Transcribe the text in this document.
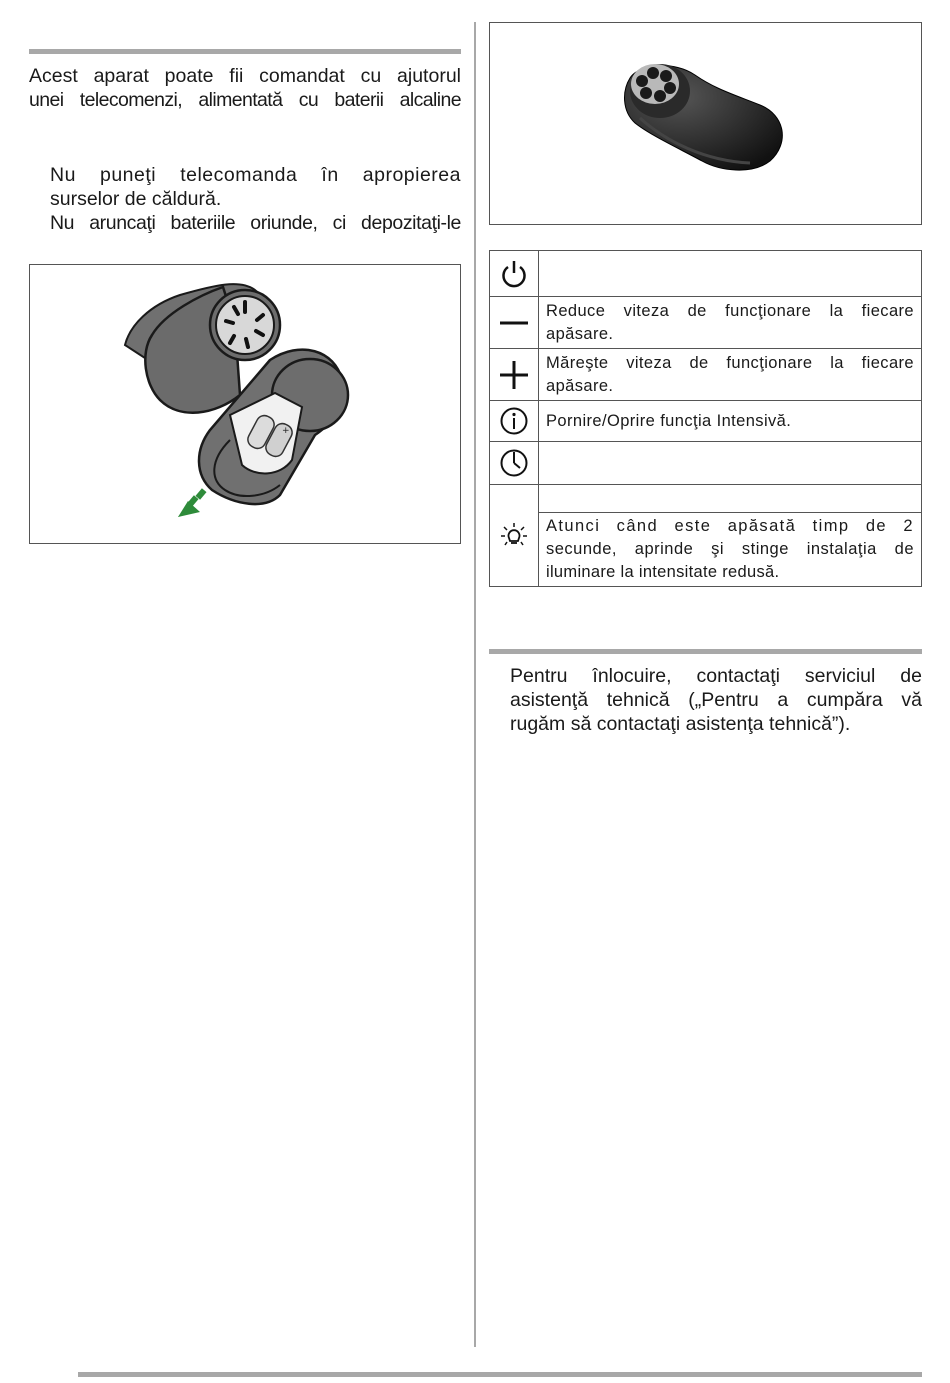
Acest aparat poate fii comandat cu ajutorul
unei telecomenzi, alimentată cu baterii alcaline
Nu puneţi telecomanda în apropierea
surselor de căldură.
Nu aruncaţi bateriile oriunde, ci depozitaţi-le
+

Reduce viteza de funcţionare la fiecare
apăsare.

Măreşte viteza de funcţionare la fiecare
apăsare.

Pornire/Oprire funcţia Intensivă.

	Atunci când este apăsată timp de 2
secunde, aprinde şi stinge instalaţia de
iluminare la intensitate redusă.
Pentru înlocuire, contactaţi serviciul de
asistenţă tehnică („Pentru a cumpăra vă
rugăm să contactaţi asistenţa tehnică”).
